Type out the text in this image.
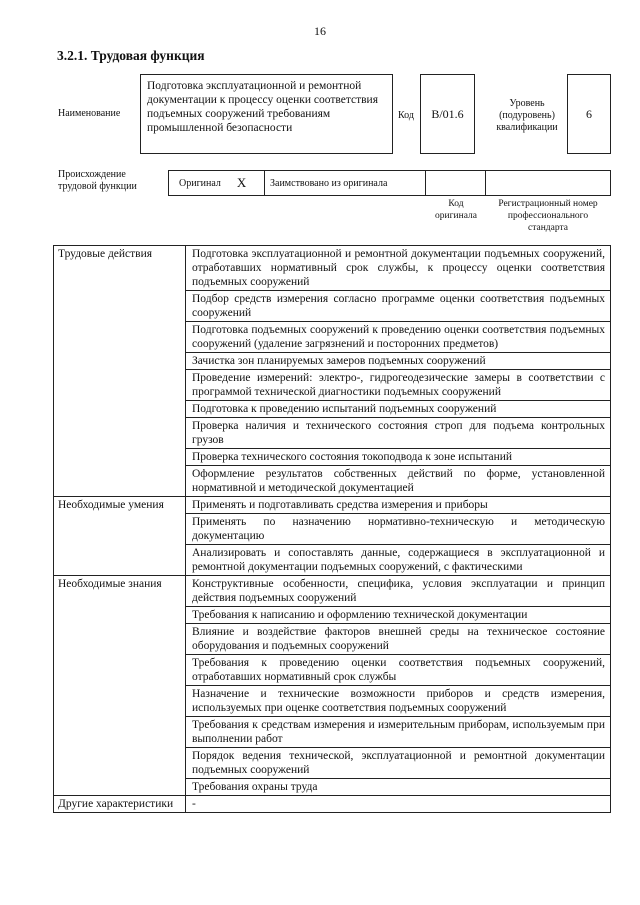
16
3.2.1. Трудовая функция
Наименование
Подготовка эксплуатационной и ремонтной документации к процессу оценки соответствия подъемных сооружений требованиям промышленной безопасности
Код B/01.6
Уровень (подуровень) квалификации
6
Происхождение трудовой функции	Оригинал X Заимствовано из оригинала
Код оригинала
Регистрационный номер профессионального стандарта
Трудовые действия	Подготовка эксплуатационной и ремонтной документации подъемных сооружений, отработавших нормативный срок службы, к процессу оценки соответствия подъемных сооружений
	Подбор средств измерения согласно программе оценки соответствия подъемных сооружений
	Подготовка подъемных сооружений к проведению оценки соответствия подъемных сооружений (удаление загрязнений и посторонних предметов)
	Зачистка зон планируемых замеров подъемных сооружений
	Проведение измерений: электро-, гидрогеодезические замеры в соответствии с программой технической диагностики подъемных сооружений
	Подготовка к проведению испытаний подъемных сооружений
	Проверка наличия и технического состояния строп для подъема контрольных грузов
	Проверка технического состояния токоподвода к зоне испытаний
	Оформление результатов собственных действий по форме, установленной нормативной и методической документацией
Необходимые умения	Применять и подготавливать средства измерения и приборы
	Применять по назначению нормативно-техническую и методическую документацию
	Анализировать и сопоставлять данные, содержащиеся в эксплуатационной и ремонтной документации подъемных сооружений, с фактическими
Необходимые знания	Конструктивные особенности, специфика, условия эксплуатации и принцип действия подъемных сооружений
	Требования к написанию и оформлению технической документации
	Влияние и воздействие факторов внешней среды на техническое состояние оборудования и подъемных сооружений
	Требования к проведению оценки соответствия подъемных сооружений, отработавших нормативный срок службы
	Назначение и технические возможности приборов и средств измерения, используемых при оценке соответствия подъемных сооружений
	Требования к средствам измерения и измерительным приборам, используемым при выполнении работ
	Порядок ведения технической, эксплуатационной и ремонтной документации подъемных сооружений
	Требования охраны труда
Другие характеристики	-
